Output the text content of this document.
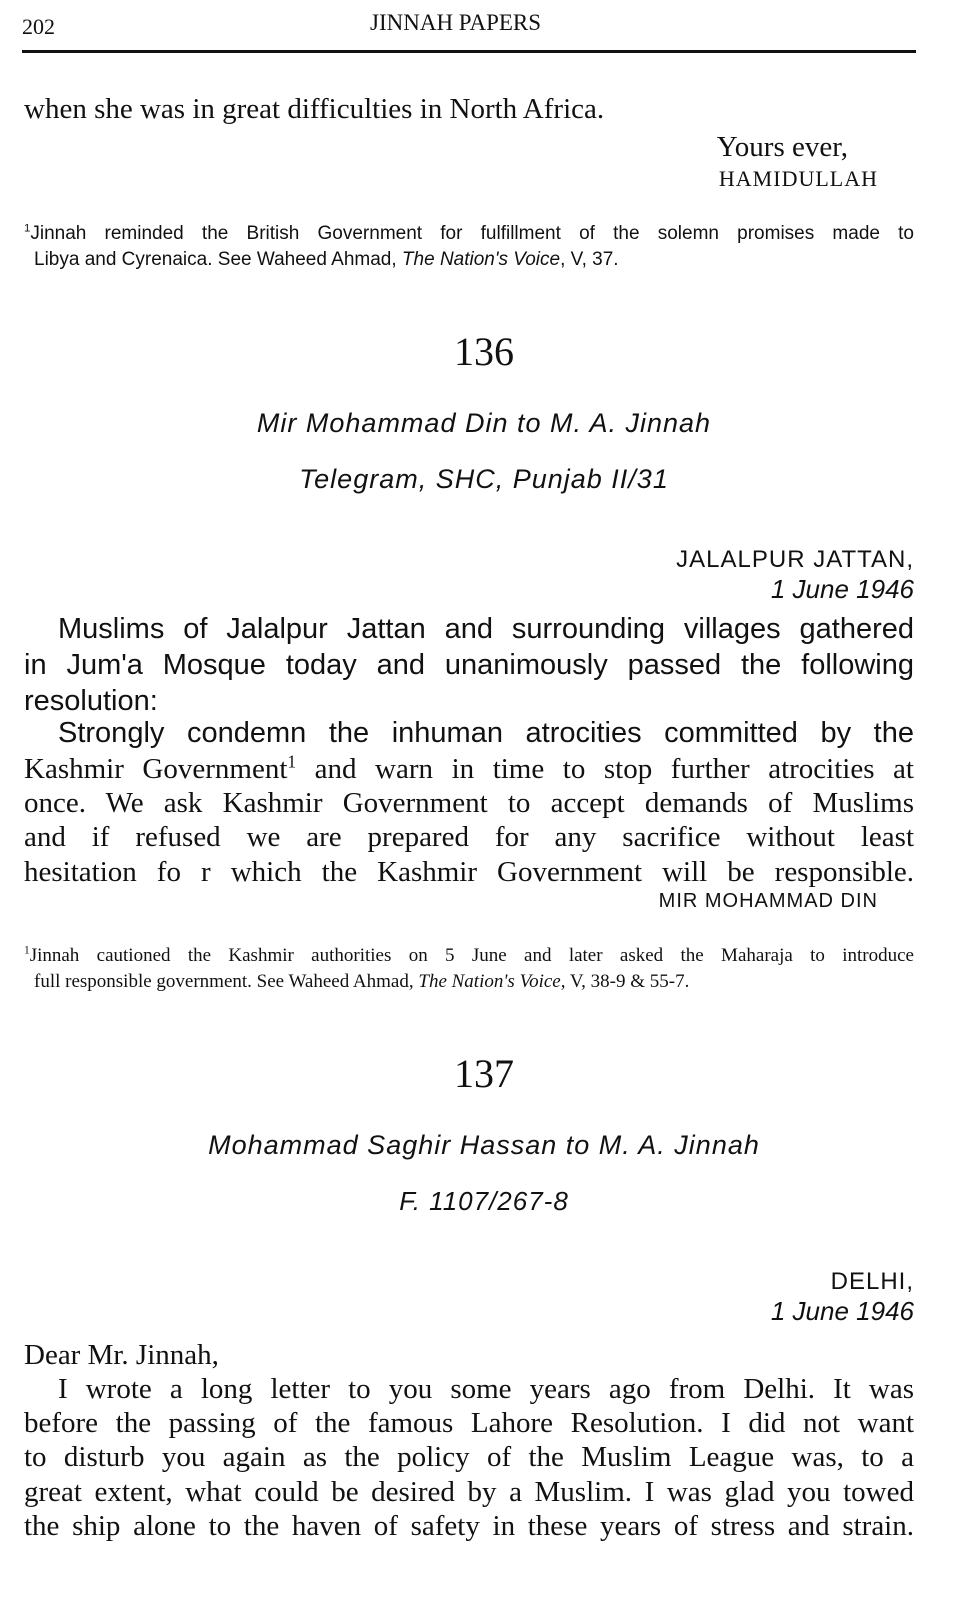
202	JINNAH PAPERS
when she was in great difficulties in North Africa.
Yours ever,
HAMIDULLAH
$^1$Jinnah reminded the British Government for fulfillment of the solemn promises made to
Libya and Cyrenaica. See Waheed Ahmad, The Nation's Voice, V, 37.
136
Mir Mohammad Din to M. A. Jinnah
Telegram, SHC, Punjab II/31
JALALPUR JATTAN,
1 June 1946
Muslims of Jalalpur Jattan and surrounding villages gathered
in Jum'a Mosque today and unanimously passed the following
resolution:
Strongly condemn the inhuman atrocities committed by the
Kashmir Government$^1$ and warn in time to stop further atrocities at
once. We ask Kashmir Government to accept demands of Muslims
and if refused we are prepared for any sacrifice without least
hesitation fo r which the Kashmir Government will be responsible.
MIR MOHAMMAD DIN
$^1$Jinnah cautioned the Kashmir authorities on 5 June and later asked the Maharaja to introduce
full responsible government. See Waheed Ahmad, The Nation's Voice, V, 38-9 & 55-7.
137
Mohammad Saghir Hassan to M. A. Jinnah
F. 1107/267-8
DELHI,
1 June 1946
Dear Mr. Jinnah,
I wrote a long letter to you some years ago from Delhi. It was
before the passing of the famous Lahore Resolution. I did not want
to disturb you again as the policy of the Muslim League was, to a
great extent, what could be desired by a Muslim. I was glad you towed
the ship alone to the haven of safety in these years of stress and strain.
